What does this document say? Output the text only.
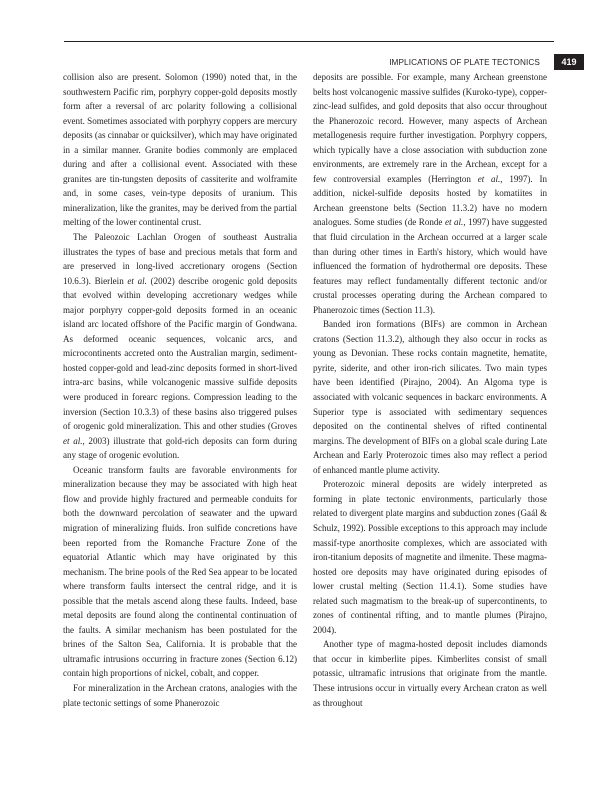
IMPLICATIONS OF PLATE TECTONICS	419

collision also are present. Solomon (1990) noted that, in the southwestern Pacific rim, porphyry copper-gold deposits mostly form after a reversal of arc polarity following a collisional event. Sometimes associated with porphyry coppers are mercury deposits (as cinnabar or quicksilver), which may have originated in a similar manner. Granite bodies commonly are emplaced during and after a collisional event. Associated with these granites are tin-tungsten deposits of cassiterite and wolframite and, in some cases, vein-type deposits of uranium. This mineralization, like the granites, may be derived from the partial melting of the lower continental crust.

The Paleozoic Lachlan Orogen of southeast Australia illustrates the types of base and precious metals that form and are preserved in long-lived accretionary orogens (Section 10.6.3). Bierlein et al. (2002) describe orogenic gold deposits that evolved within developing accretionary wedges while major porphyry copper-gold deposits formed in an oceanic island arc located offshore of the Pacific margin of Gondwana. As deformed oceanic sequences, volcanic arcs, and microcontinents accreted onto the Australian margin, sediment-hosted copper-gold and lead-zinc deposits formed in short-lived intra-arc basins, while volcanogenic massive sulfide deposits were produced in forearc regions. Compression leading to the inversion (Section 10.3.3) of these basins also triggered pulses of orogenic gold mineralization. This and other studies (Groves et al., 2003) illustrate that gold-rich deposits can form during any stage of orogenic evolution.

Oceanic transform faults are favorable environments for mineralization because they may be associated with high heat flow and provide highly fractured and permeable conduits for both the downward percolation of seawater and the upward migration of mineralizing fluids. Iron sulfide concretions have been reported from the Romanche Fracture Zone of the equatorial Atlantic which may have originated by this mechanism. The brine pools of the Red Sea appear to be located where transform faults intersect the central ridge, and it is possible that the metals ascend along these faults. Indeed, base metal deposits are found along the continental continuation of the faults. A similar mechanism has been postulated for the brines of the Salton Sea, California. It is probable that the ultramafic intrusions occurring in fracture zones (Section 6.12) contain high proportions of nickel, cobalt, and copper.

For mineralization in the Archean cratons, analogies with the plate tectonic settings of some Phanerozoic

deposits are possible. For example, many Archean greenstone belts host volcanogenic massive sulfides (Kuroko-type), copper-zinc-lead sulfides, and gold deposits that also occur throughout the Phanerozoic record. However, many aspects of Archean metallogenesis require further investigation. Porphyry coppers, which typically have a close association with subduction zone environments, are extremely rare in the Archean, except for a few controversial examples (Herrington et al., 1997). In addition, nickel-sulfide deposits hosted by komatiites in Archean greenstone belts (Section 11.3.2) have no modern analogues. Some studies (de Ronde et al., 1997) have suggested that fluid circulation in the Archean occurred at a larger scale than during other times in Earth's history, which would have influenced the formation of hydrothermal ore deposits. These features may reflect fundamentally different tectonic and/or crustal processes operating during the Archean compared to Phanerozoic times (Section 11.3).

Banded iron formations (BIFs) are common in Archean cratons (Section 11.3.2), although they also occur in rocks as young as Devonian. These rocks contain magnetite, hematite, pyrite, siderite, and other iron-rich silicates. Two main types have been identified (Pirajno, 2004). An Algoma type is associated with volcanic sequences in backarc environments. A Superior type is associated with sedimentary sequences deposited on the continental shelves of rifted continental margins. The development of BIFs on a global scale during Late Archean and Early Proterozoic times also may reflect a period of enhanced mantle plume activity.

Proterozoic mineral deposits are widely interpreted as forming in plate tectonic environments, particularly those related to divergent plate margins and subduction zones (Gaál & Schulz, 1992). Possible exceptions to this approach may include massif-type anorthosite complexes, which are associated with iron-titanium deposits of magnetite and ilmenite. These magma-hosted ore deposits may have originated during episodes of lower crustal melting (Section 11.4.1). Some studies have related such magmatism to the break-up of supercontinents, to zones of continental rifting, and to mantle plumes (Pirajno, 2004).

Another type of magma-hosted deposit includes diamonds that occur in kimberlite pipes. Kimberlites consist of small potassic, ultramafic intrusions that originate from the mantle. These intrusions occur in virtually every Archean craton as well as throughout
